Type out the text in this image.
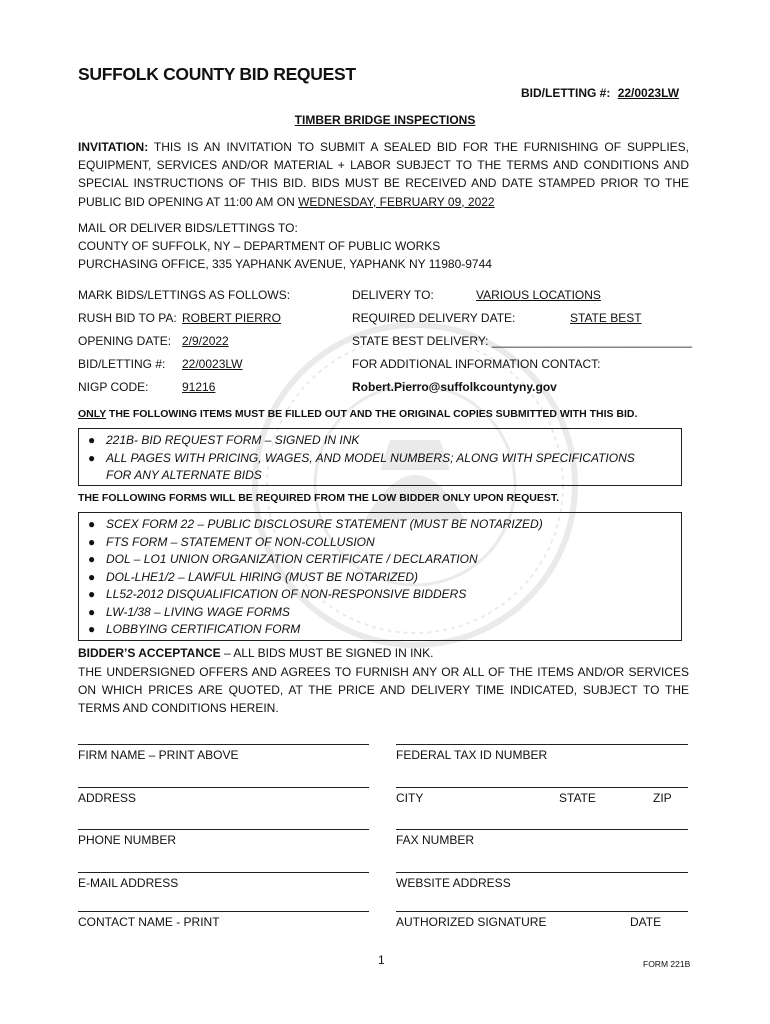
SUFFOLK COUNTY BID REQUEST
BID/LETTING #: 22/0023LW
TIMBER BRIDGE INSPECTIONS
INVITATION: THIS IS AN INVITATION TO SUBMIT A SEALED BID FOR THE FURNISHING OF SUPPLIES, EQUIPMENT, SERVICES AND/OR MATERIAL + LABOR SUBJECT TO THE TERMS AND CONDITIONS AND SPECIAL INSTRUCTIONS OF THIS BID. BIDS MUST BE RECEIVED AND DATE STAMPED PRIOR TO THE PUBLIC BID OPENING AT 11:00 AM ON WEDNESDAY, FEBRUARY 09, 2022
MAIL OR DELIVER BIDS/LETTINGS TO:
COUNTY OF SUFFOLK, NY – DEPARTMENT OF PUBLIC WORKS
PURCHASING OFFICE, 335 YAPHANK AVENUE, YAPHANK NY 11980-9744
MARK BIDS/LETTINGS AS FOLLOWS:	DELIVERY TO:	VARIOUS LOCATIONS
RUSH BID TO PA: ROBERT PIERRO	REQUIRED DELIVERY DATE:	STATE BEST
OPENING DATE: 2/9/2022	STATE BEST DELIVERY: ______________________________
BID/LETTING #: 22/0023LW	FOR ADDITIONAL INFORMATION CONTACT:
NIGP CODE:	91216	Robert.Pierro@suffolkcountyny.gov
ONLY THE FOLLOWING ITEMS MUST BE FILLED OUT AND THE ORIGINAL COPIES SUBMITTED WITH THIS BID.
● 221B- BID REQUEST FORM – SIGNED IN INK
● ALL PAGES WITH PRICING, WAGES, AND MODEL NUMBERS; ALONG WITH SPECIFICATIONS FOR ANY ALTERNATE BIDS
THE FOLLOWING FORMS WILL BE REQUIRED FROM THE LOW BIDDER ONLY UPON REQUEST.
● SCEX FORM 22 – PUBLIC DISCLOSURE STATEMENT (MUST BE NOTARIZED)
● FTS FORM – STATEMENT OF NON-COLLUSION
● DOL – LO1 UNION ORGANIZATION CERTIFICATE / DECLARATION
● DOL-LHE1/2 – LAWFUL HIRING (MUST BE NOTARIZED)
● LL52-2012 DISQUALIFICATION OF NON-RESPONSIVE BIDDERS
● LW-1/38 – LIVING WAGE FORMS
● LOBBYING CERTIFICATION FORM
BIDDER’S ACCEPTANCE – ALL BIDS MUST BE SIGNED IN INK.
THE UNDERSIGNED OFFERS AND AGREES TO FURNISH ANY OR ALL OF THE ITEMS AND/OR SERVICES ON WHICH PRICES ARE QUOTED, AT THE PRICE AND DELIVERY TIME INDICATED, SUBJECT TO THE TERMS AND CONDITIONS HEREIN.
FIRM NAME – PRINT ABOVE	FEDERAL TAX ID NUMBER
ADDRESS	CITY	STATE	ZIP
PHONE NUMBER	FAX NUMBER
E-MAIL ADDRESS	WEBSITE ADDRESS
CONTACT NAME - PRINT	AUTHORIZED SIGNATURE	DATE
1	FORM 221B
